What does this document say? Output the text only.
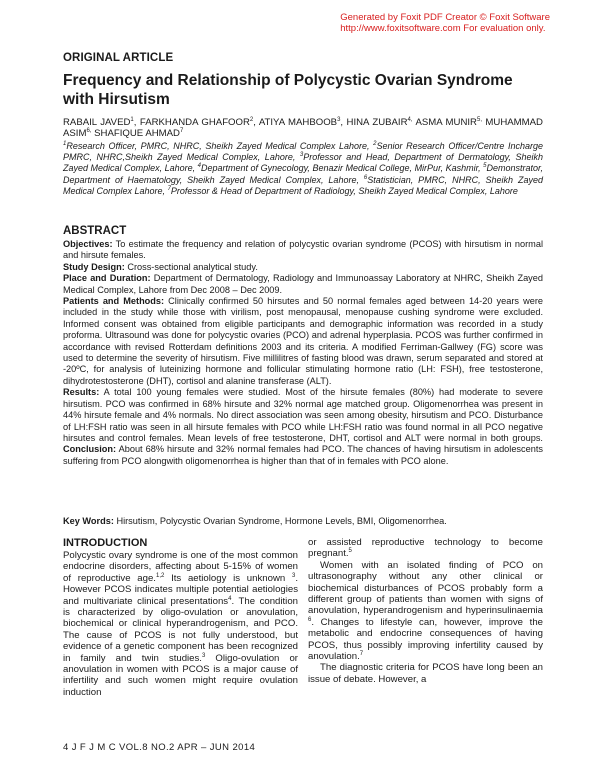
Generated by Foxit PDF Creator © Foxit Software
http://www.foxitsoftware.com For evaluation only.
ORIGINAL ARTICLE
Frequency and Relationship of Polycystic Ovarian Syndrome with Hirsutism
RABAIL JAVED$^1$, FARKHANDA GHAFOOR$^2$, ATIYA MAHBOOB$^3$, HINA $ZUBAIR^{4,}$ ASMA $MUNIR^{5,}$ MUHAMMAD $ASIM^{6,}$ SHAFIQUE AHMAD$^7$
$^1$Research Officer, PMRC, NHRC, Sheikh Zayed Medical Complex Lahore, $^2$Senior Research Officer/Centre Incharge PMRC, NHRC,Sheikh Zayed Medical Complex, Lahore, $^3$Professor and Head, Department of Dermatology, Sheikh Zayed Medical Complex, Lahore, $^4$Department of Gynecology, Benazir Medical College, MirPur, Kashmir, $^5$Demonstrator, Department of Haematology, Sheikh Zayed Medical Complex, Lahore, $^6$Statistician, PMRC, NHRC, Sheikh Zayed Medical Complex Lahore, $^7$Professor & Head of Department of Radiology, Sheikh Zayed Medical Complex, Lahore
ABSTRACT

Objectives: To estimate the frequency and relation of polycystic ovarian syndrome (PCOS) with hirsutism in normal and hirsute females.

Study Design: Cross-sectional analytical study.

Place and Duration: Department of Dermatology, Radiology and Immunoassay Laboratory at NHRC, Sheikh Zayed Medical Complex, Lahore from Dec 2008 – Dec 2009.

Patients and Methods: Clinically confirmed 50 hirsutes and 50 normal females aged between 14-20 years were included in the study while those with virilism, post menopausal, menopause cushing syndrome were excluded. Informed consent was obtained from eligible participants and demographic information was recorded in a study proforma. Ultrasound was done for polycystic ovaries (PCO) and adrenal hyperplasia. PCOS was further confirmed in accordance with revised Rotterdam definitions 2003 and its criteria. A modified Ferriman-Gallwey (FG) score was used to determine the severity of hirsutism. Five millilitres of fasting blood was drawn, serum separated and stored at -20ºC, for analysis of luteinizing hormone and follicular stimulating hormone ratio (LH: FSH), free testosterone, dihydrotestosterone (DHT), cortisol and alanine transferase (ALT).

Results: A total 100 young females were studied. Most of the hirsute females (80%) had moderate to severe hirsutism. PCO was confirmed in 68% hirsute and 32% normal age matched group. Oligomenorrhea was present in 44% hirsute female and 4% normals. No direct association was seen among obesity, hirsutism and PCO. Disturbance of LH:FSH ratio was seen in all hirsute females with PCO while LH:FSH ratio was found normal in all PCO negative hirsutes and control females. Mean levels of free testosterone, DHT, cortisol and ALT were normal in both groups. Conclusion: About 68% hirsute and 32% normal females had PCO. The chances of having hirsutism in adolescents suffering from PCO alongwith oligomenorrhea is higher than that of in females with PCO alone.

Key Words: Hirsutism, Polycystic Ovarian Syndrome, Hormone Levels, BMI, Oligomenorrhea.
INTRODUCTION

Polycystic ovary syndrome is one of the most common endocrine disorders, affecting about 5-15% of women of reproductive age.$^{1,2}$ Its aetiology is unknown $^3$. However PCOS indicates multiple potential aetiologies and multivariate clinical presentations$^4$. The condition is characterized by oligo-ovulation or anovulation, biochemical or clinical hyperandrogenism, and PCO. The cause of PCOS is not fully understood, but evidence of a genetic component has been recognized in family and twin studies.$^3$ Oligo-ovulation or anovulation in women with PCOS is a major cause of infertility and such women might require ovulation induction

or assisted reproductive technology to become pregnant.$^5$

Women with an isolated finding of PCO on ultrasonography without any other clinical or biochemical disturbances of PCOS probably form a different group of patients than women with signs of anovulation, hyperandrogenism and hyperinsulinaemia $^6$. Changes to lifestyle can, however, improve the metabolic and endocrine consequences of having PCOS, thus possibly improving infertility caused by anovulation.$^7$

The diagnostic criteria for PCOS have long been an issue of debate. However, a

4 J F J M C VOL.8 NO.2 APR – JUN 2014
